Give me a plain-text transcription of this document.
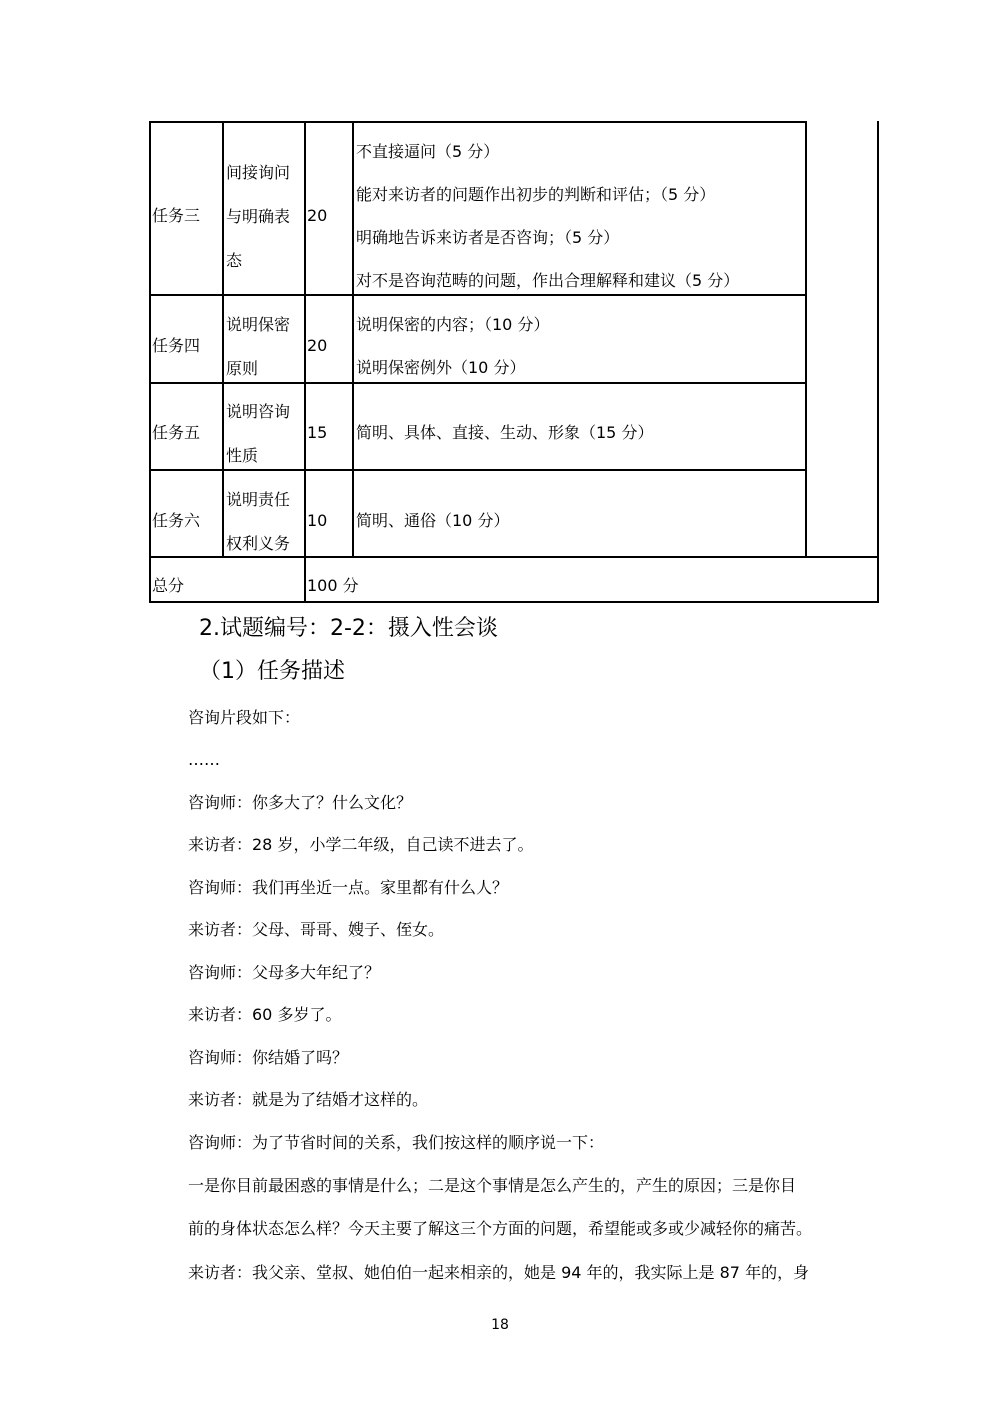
任务三
间接询问
与明确表
态
20
不直接逼问（5 分）
能对来访者的问题作出初步的判断和评估；（5 分）
明确地告诉来访者是否咨询；（5 分）
对不是咨询范畴的问题，作出合理解释和建议（5 分）
任务四
说明保密
原则
20
说明保密的内容；（10 分）
说明保密例外（10 分）
任务五
说明咨询
性质
15 简明、具体、直接、生动、形象（15 分）
任务六
说明责任
权利义务
10 简明、通俗（10 分）
总分	100 分
2.试题编号：2-2：摄入性会谈
（1）任务描述
咨询片段如下：
……
咨询师：你多大了？什么文化？
来访者：28 岁，小学二年级，自己读不进去了。
咨询师：我们再坐近一点。家里都有什么人？
来访者：父母、哥哥、嫂子、侄女。
咨询师：父母多大年纪了？
来访者：60 多岁了。
咨询师：你结婚了吗？
来访者：就是为了结婚才这样的。
咨询师：为了节省时间的关系，我们按这样的顺序说一下：
一是你目前最困惑的事情是什么；二是这个事情是怎么产生的，产生的原因；三是你目
前的身体状态怎么样？今天主要了解这三个方面的问题，希望能或多或少减轻你的痛苦。
来访者：我父亲、堂叔、她伯伯一起来相亲的，她是 94 年的，我实际上是 87 年的，身
18
